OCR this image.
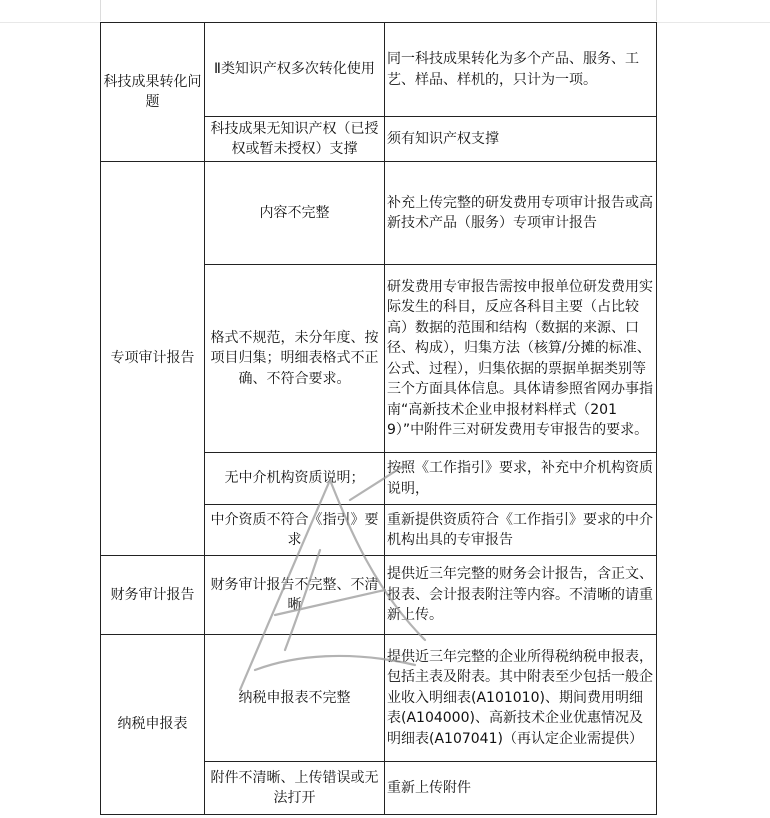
科技成果转化问题	Ⅱ类知识产权多次转化使用	同一科技成果转化为多个产品、服务、工艺、样品、样机的，只计为一项。
	科技成果无知识产权（已授权或暂未授权）支撑	须有知识产权支撑
专项审计报告	内容不完整	补充上传完整的研发费用专项审计报告或高新技术产品（服务）专项审计报告
	格式不规范，未分年度、按项目归集；明细表格式不正确、不符合要求。	研发费用专审报告需按申报单位研发费用实际发生的科目，反应各科目主要（占比较高）数据的范围和结构（数据的来源、口径、构成），归集方法（核算/分摊的标准、公式、过程），归集依据的票据单据类别等三个方面具体信息。具体请参照省网办事指南“高新技术企业申报材料样式（2019）”中附件三对研发费用专审报告的要求。
	无中介机构资质说明；	按照《工作指引》要求，补充中介机构资质说明，
	中介资质不符合《指引》要求	重新提供资质符合《工作指引》要求的中介机构出具的专审报告
财务审计报告	财务审计报告不完整、不清晰	提供近三年完整的财务会计报告，含正文、报表、会计报表附注等内容。不清晰的请重新上传。
纳税申报表	纳税申报表不完整	提供近三年完整的企业所得税纳税申报表，包括主表及附表。其中附表至少包括一般企业收入明细表(A101010)、期间费用明细表(A104000)、高新技术企业优惠情况及明细表(A107041)（再认定企业需提供）
	附件不清晰、上传错误或无法打开	重新上传附件
